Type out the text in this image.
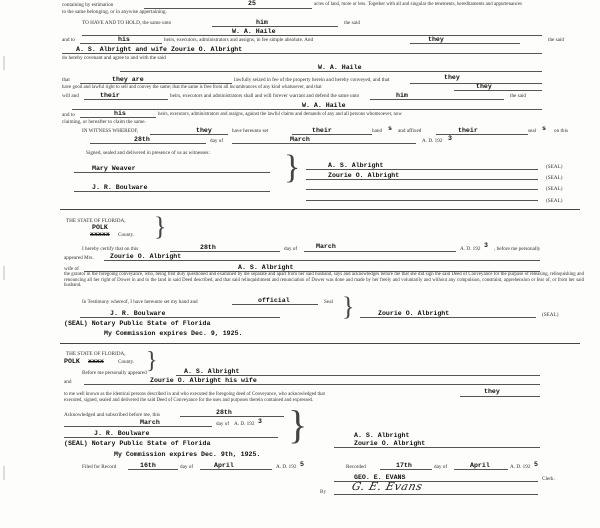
containing by estimation	25	acres of land, more or less. Together with all and singular the tenements, hereditaments and appurtenances
to the same belonging, or in anywise appertaining.
TO HAVE AND TO HOLD, the same unto	him	the said
W. A. Haile
and to	his	heirs, executors, administrators and assigns, in fee simple absolute. And	they	the said
A. S. Albright and wife Zourie O. Albright
do hereby covenant and agree to and with the said
W. A. Haile
that	they are	lawfully seized in fee of the property herein and hereby conveyed, and that	they
have good and lawful right to sell and convey the same; that the same is free from all incumbrances of any kind whatsoever, and that	they
will and	their	heirs, executors and administrators shall and will forever warrant and defend the same unto	him	the said
W. A. Haile
and to	his	heirs, executors, administrators and assigns, against the lawful claims and demands of any and all persons whomsoever, now
claiming, or hereafter to claim the same.
IN WITNESS WHEREOF,	they	have hereunto set	their	hand s and affixed	their	seal s on this
28th	day of	March	A. D. 192 3
Signed, sealed and delivered in presence of us as witnesses: }
Mary Weaver
J. R. Boulware
A. S. Albright	(SEAL)
Zourie O. Albright	(SEAL)
(SEAL)
(SEAL)
THE STATE OF FLORIDA,
POLK
xxxxx County. }
I hereby certify that on this	28th	day of	March	A. D. 192 3 , before me personally
appeared Mrs. Zourie O. Albright
wife of	A. S. Albright
the grantor in the foregoing conveyance, who, being first duly questioned and examined by me separate and apart from her said husband, says and acknowledges before me that she did sign the said Deed of Conveyance for the purpose of releasing, relinquishing and renouncing all her right of Dower in and to the land in said Deed described, and that said relinquishment and renunciation of Dower was done and made by her freely and voluntarily and without any compulsion, constraint, apprehension or fear of, or from her said husband.
In Testimony whereof, I have hereunto set my hand and	official	Seal }	Zourie O. Albright	(SEAL)
J. R. Boulware
(SEAL) Notary Public State of Florida
My Commission expires Dec. 9, 1925.
THE STATE OF FLORIDA,
POLK xxxx	County. }
Before me personally appeared	A. S. Albright
and	Zourie O. Albright his wife
to me well known as the identical persons described in and who executed the foregoing deed of Conveyance, who acknowledged that	they
executed, signed, sealed and delivered the said Deed of Conveyance for the uses and purposes therein contained and expressed.
Acknowledged and subscribed before me, this	28th
March	day of A. D. 192 3 }
J. R. Boulware
(SEAL) Notary Public State of Florida
My Commission expires Dec. 9th, 1925.
A. S. Albright
Zourie O. Albright
Filed for Record	16th	day of	April	A. D. 192 5	Recorded	17th	day of	April	A. D. 192 5
GEO. E. EVANS	Clerk.
By G. E. Evans
